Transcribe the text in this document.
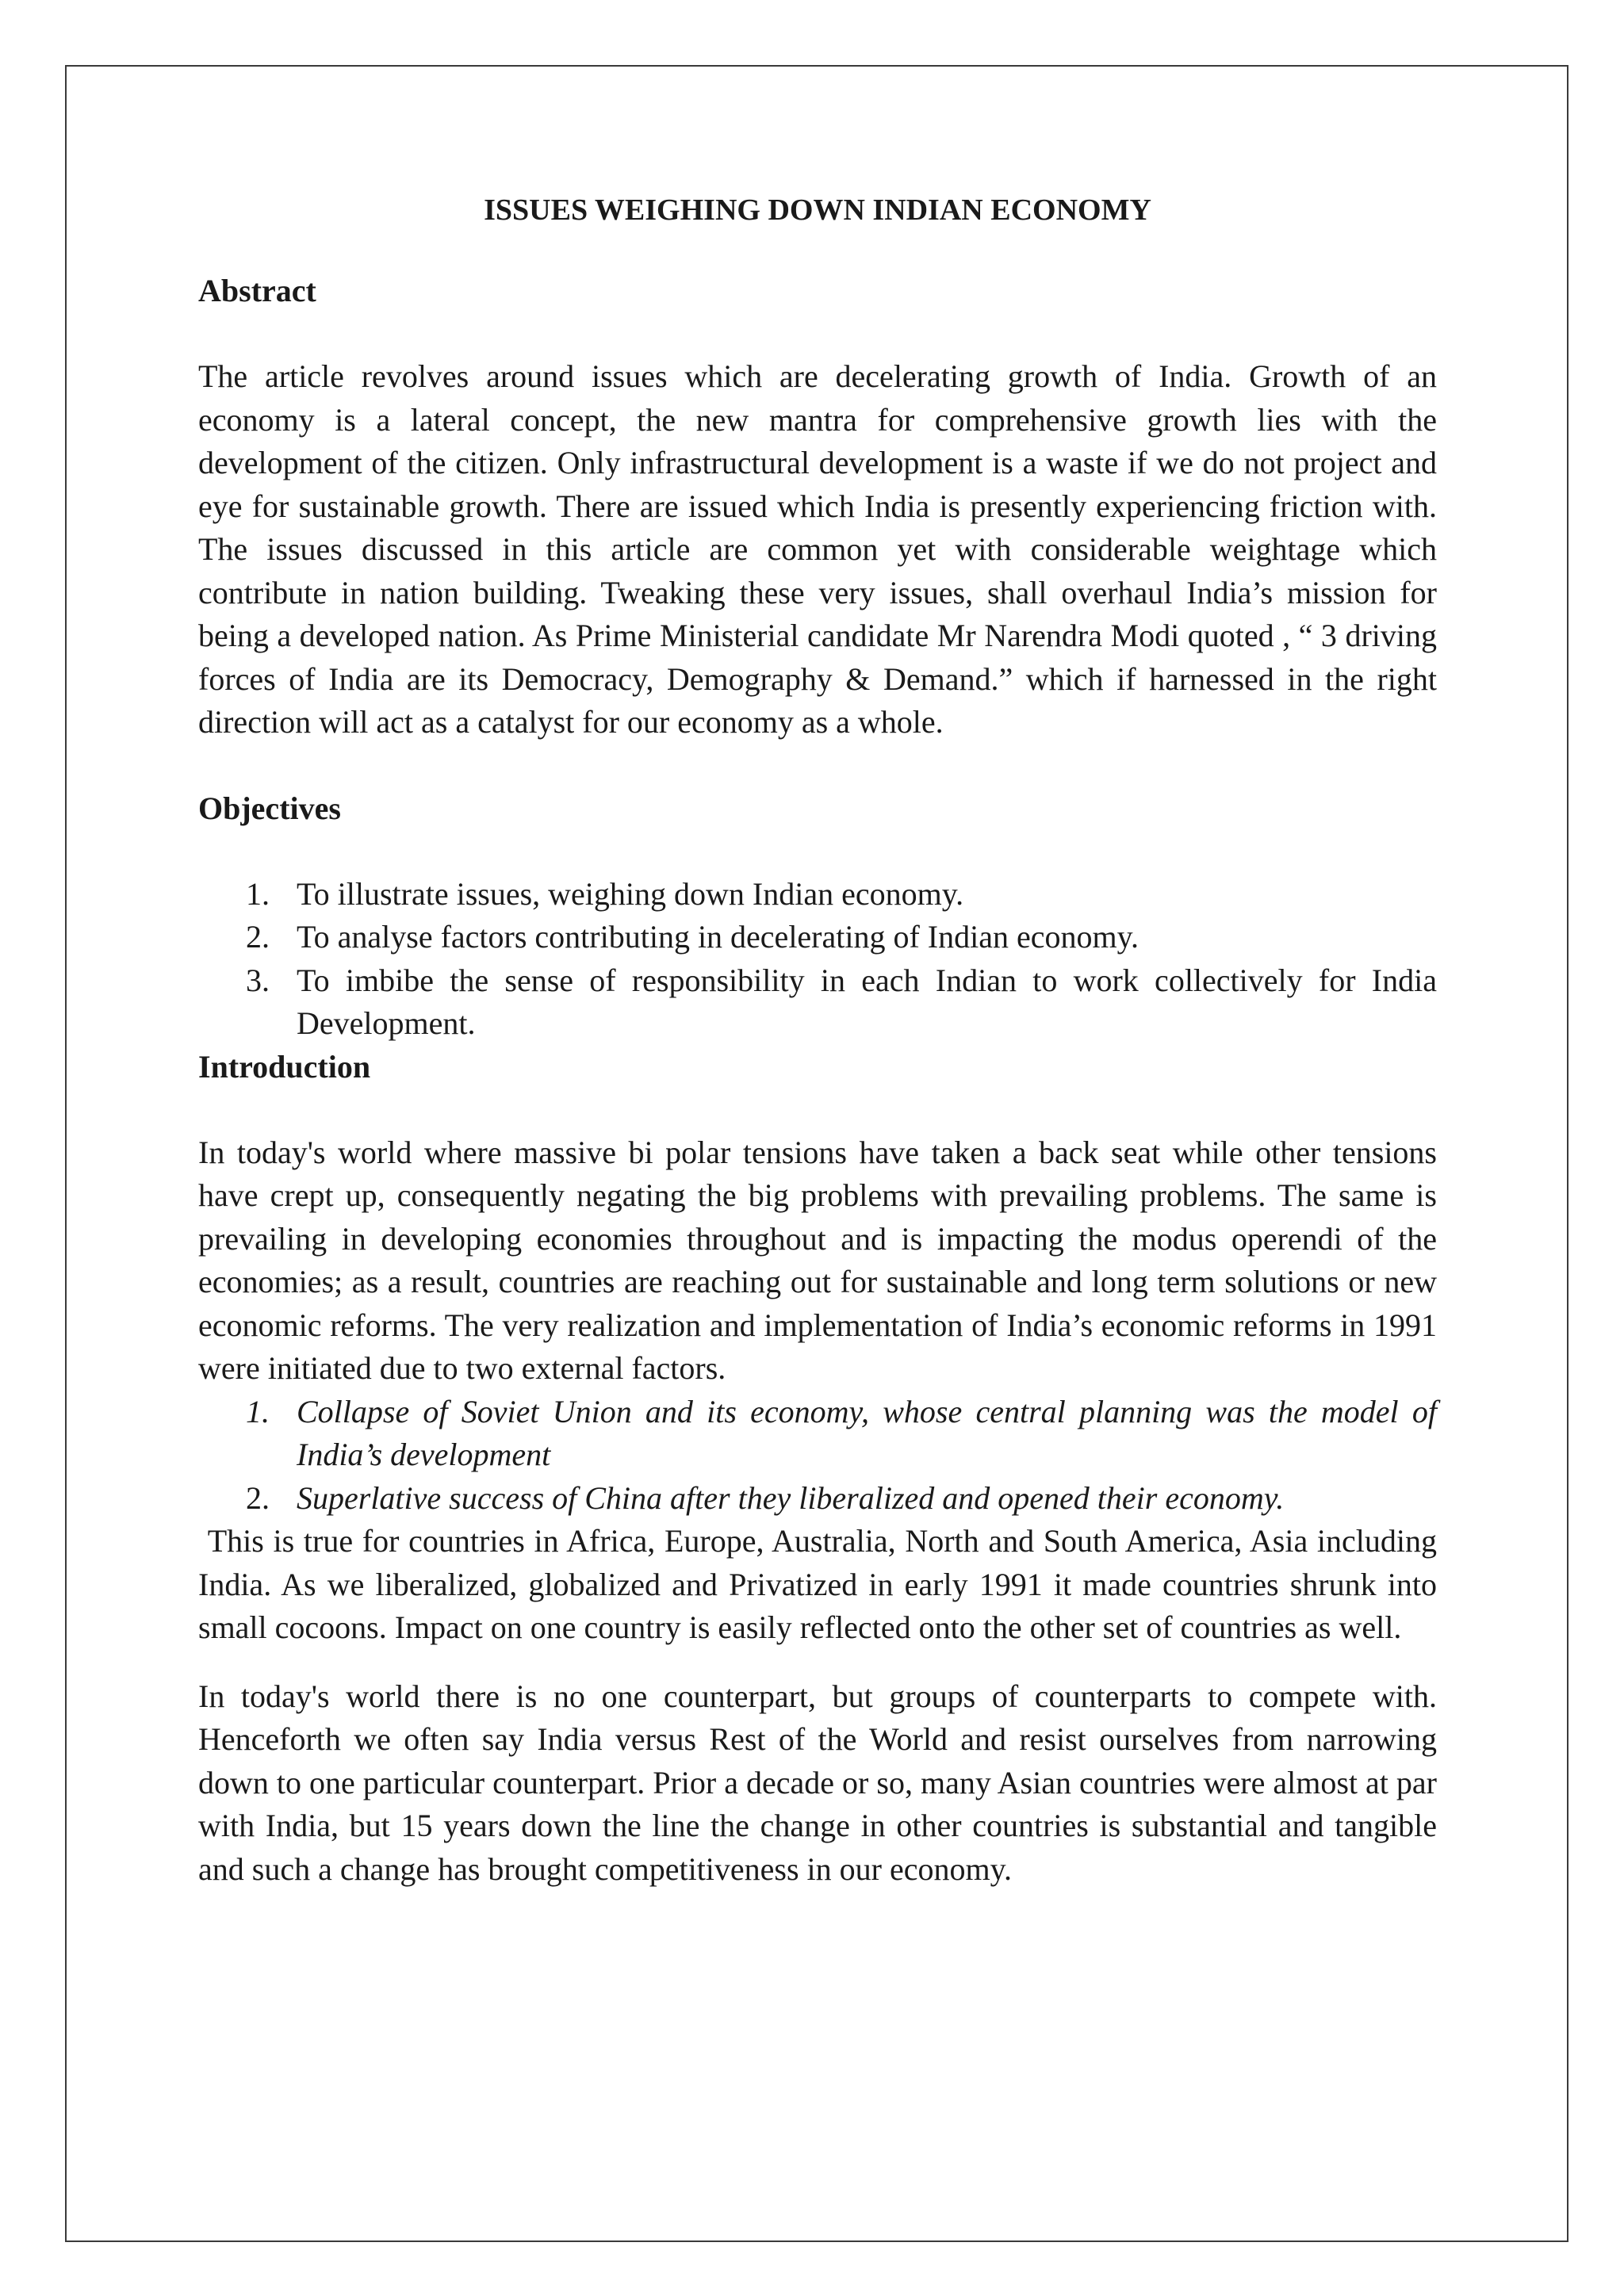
ISSUES WEIGHING DOWN INDIAN ECONOMY
Abstract

The article revolves around issues which are decelerating growth of India. Growth of an economy is a lateral concept, the new mantra for comprehensive growth lies with the development of the citizen. Only infrastructural development is a waste if we do not project and eye for sustainable growth. There are issued which India is presently experiencing friction with. The issues discussed in this article are common yet with considerable weightage which contribute in nation building. Tweaking these very issues, shall overhaul India’s mission for being a developed nation. As Prime Ministerial candidate Mr Narendra Modi quoted , “ 3 driving forces of India are its Democracy, Demography & Demand.” which if harnessed in the right direction will act as a catalyst for our economy as a whole.

Objectives
1. To illustrate issues, weighing down Indian economy.
2. To analyse factors contributing in decelerating of Indian economy.
3. To imbibe the sense of responsibility in each Indian to work collectively for India Development.
Introduction

In today's world where massive bi polar tensions have taken a back seat while other tensions have crept up, consequently negating the big problems with prevailing problems. The same is prevailing in developing economies throughout and is impacting the modus operendi of the economies; as a result, countries are reaching out for sustainable and long term solutions or new economic reforms. The very realization and implementation of India’s economic reforms in 1991 were initiated due to two external factors.

1. Collapse of Soviet Union and its economy, whose central planning was the model of India’s development
2. Superlative success of China after they liberalized and opened their economy.

This is true for countries in Africa, Europe, Australia, North and South America, Asia including India. As we liberalized, globalized and Privatized in early 1991 it made countries shrunk into small cocoons. Impact on one country is easily reflected onto the other set of countries as well.

In today's world there is no one counterpart, but groups of counterparts to compete with. Henceforth we often say India versus Rest of the World and resist ourselves from narrowing down to one particular counterpart. Prior a decade or so, many Asian countries were almost at par with India, but 15 years down the line the change in other countries is substantial and tangible and such a change has brought competitiveness in our economy.
